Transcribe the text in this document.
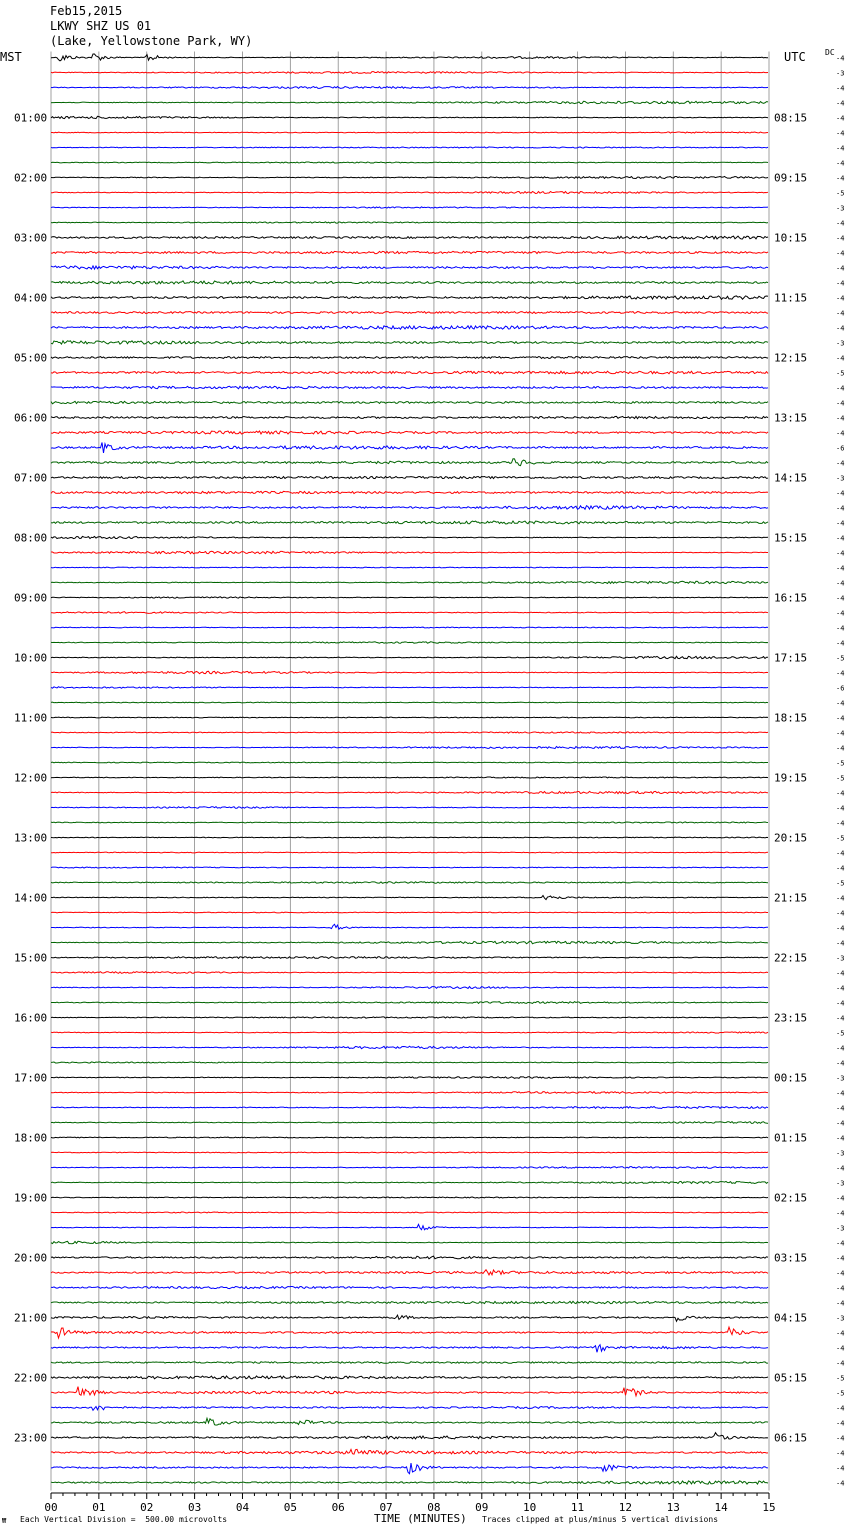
Feb15,2015
LKWY SHZ US 01
(Lake, Yellowstone Park, WY)
MST	UTC DC
-4
-3
-4
-4
-4
-4
-4
-4
-4
-5
-3
-4
-4
-4
-4
-4
-4
-4
-4
-3
-4
-5
-4
-4
-4
-4
-6
-4
-3
-4
-4
-4
-4
-4
-4
-4
-4
-4
-4
-4
-5
-4
-6
-4
-4
-4
-4
-5
-5
-4
-4
-4
-5
-4
-4
-5
-4
-4
-4
-4
-3
-4
-4
-4
-4
-5
-4
-4
-3
-4
-4
-4
-4
-3
-4
-3
-4
-4
-3
-4
-4
-4
-4
-4
-3
-4
-4
-4
-5
-5
-4
-4
-4
-4
-4
-4
01:00
02:00
03:00
04:00
05:00
06:00
07:00
08:00
09:00
10:00
11:00
12:00
13:00
14:00
15:00
16:00
17:00
18:00
19:00
20:00
21:00
22:00
23:00
08:15
09:15
10:15
11:15
12:15
13:15
14:15
15:15
16:15
17:15
18:15
19:15
20:15
21:15
22:15
23:15
00:15
01:15
02:15
03:15
04:15
05:15
06:15
00	01	02	03	04	05	06	07	08	09	10	11	12	13	14	15
₩ Each Vertical Division =  500.00 microvolts	TIME (MINUTES) Traces clipped at plus/minus 5 vertical divisions
